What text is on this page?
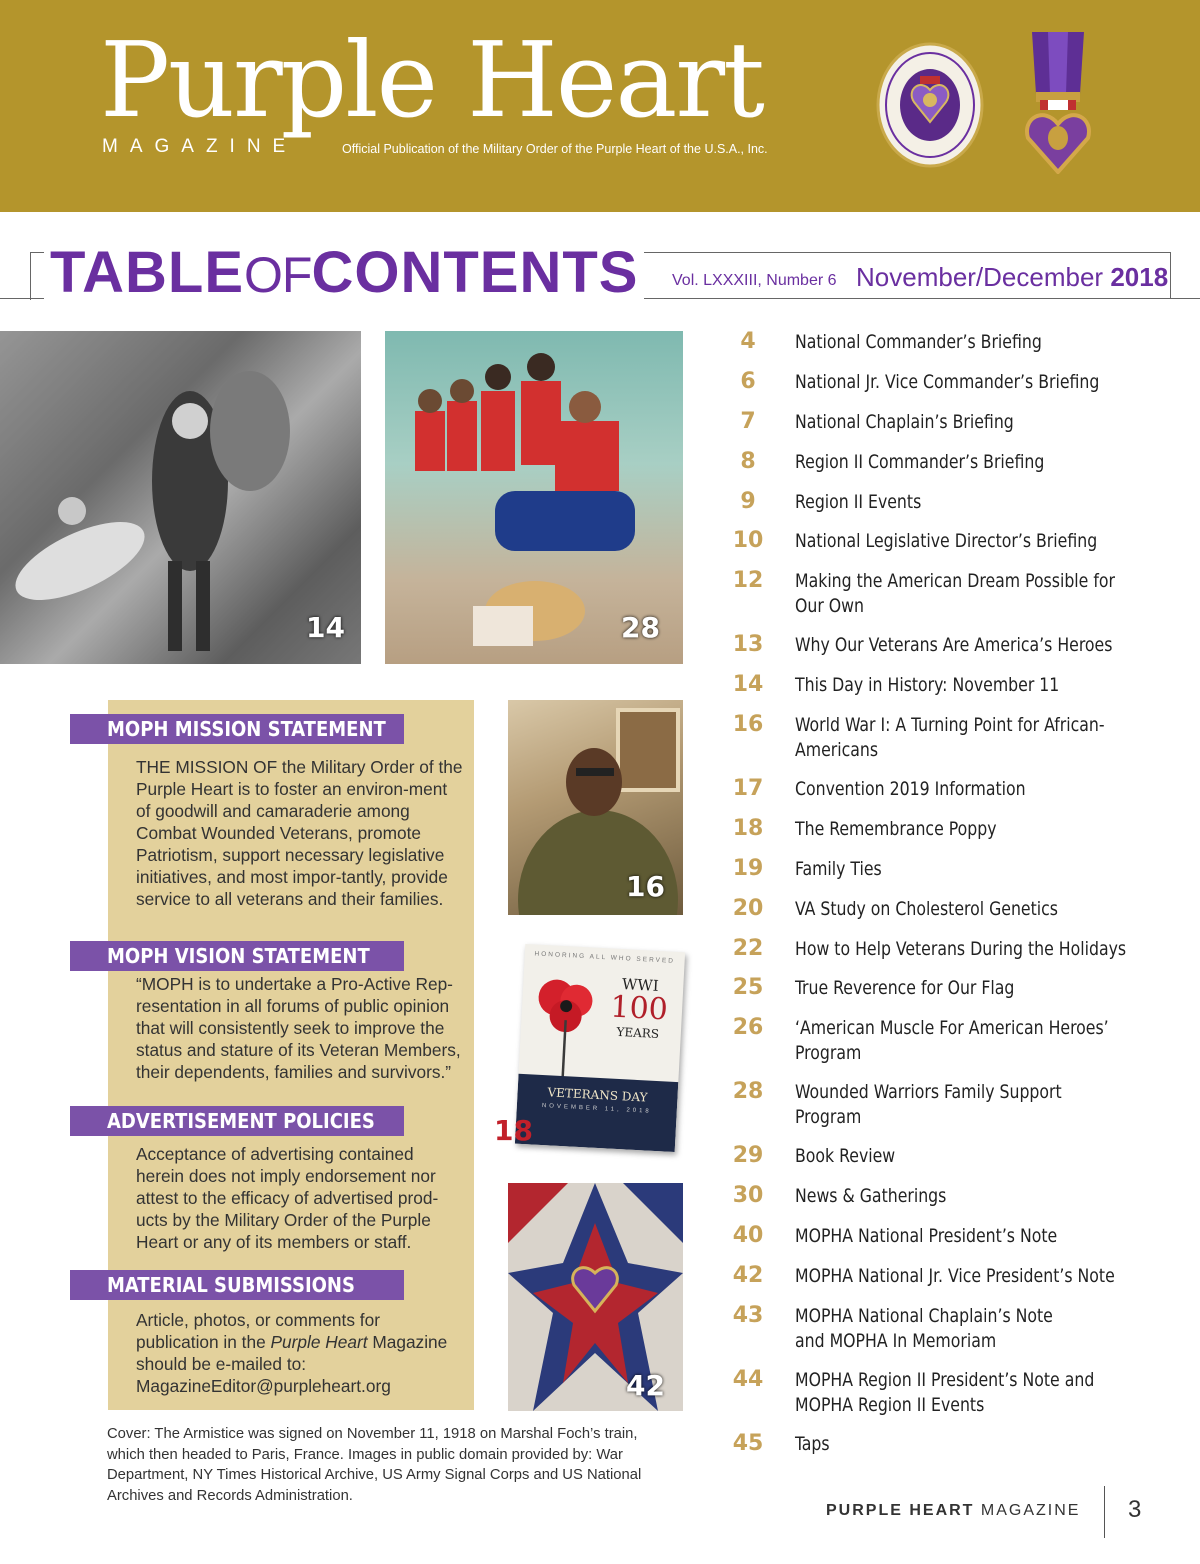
Purple Heart
MAGAZINE	Official Publication of the Military Order of the Purple Heart of the U.S.A., Inc.
TABLEOFCONTENTS	Vol. LXXXIII, Number 6 November/December 2018
14	28
16
HONORING ALL WHO SERVED
WWI
100
YEARS
VETERANS DAY
NOVEMBER 11, 2018
18
42
MOPH MISSION STATEMENT
THE MISSION OF the Military Order of the Purple Heart is to foster an environ-ment of goodwill and camaraderie among Combat Wounded Veterans, promote Patriotism, support necessary legislative initiatives, and most impor-tantly, provide service to all veterans and their families.
MOPH VISION STATEMENT
“MOPH is to undertake a Pro-Active Rep-resentation in all forums of public opinion that will consistently seek to improve the status and stature of its Veteran Members, their dependents, families and survivors.”
ADVERTISEMENT POLICIES
Acceptance of advertising contained herein does not imply endorsement nor attest to the efficacy of advertised prod-ucts by the Military Order of the Purple Heart or any of its members or staff.
MATERIAL SUBMISSIONS
Article, photos, or comments for publication in the Purple Heart Magazine should be e-mailed to:
MagazineEditor@purpleheart.org
Cover: The Armistice was signed on November 11, 1918 on Marshal Foch’s train, which then headed to Paris, France. Images in public domain provided by: War Department, NY Times Historical Archive, US Army Signal Corps and US National Archives and Records Administration.
4	National Commander’s Briefing
6	National Jr. Vice Commander’s Briefing
7	National Chaplain’s Briefing
8	Region II Commander’s Briefing
9	Region II Events
10	National Legislative Director’s Briefing
12	Making the American Dream Possible for
Our Own
13	Why Our Veterans Are America’s Heroes
14	This Day in History: November 11
16	World War I: A Turning Point for African-
Americans
17	Convention 2019 Information
18	The Remembrance Poppy
19	Family Ties
20	VA Study on Cholesterol Genetics
22	How to Help Veterans During the Holidays
25	True Reverence for Our Flag
26	‘American Muscle For American Heroes’
Program
28	Wounded Warriors Family Support
Program
29	Book Review
30	News & Gatherings
40	MOPHA National President’s Note
42	MOPHA National Jr. Vice President’s Note
43	MOPHA National Chaplain’s Note
and MOPHA In Memoriam
44	MOPHA Region II President’s Note and
MOPHA Region II Events
45	Taps
PURPLE HEART MAGAZINE 3
